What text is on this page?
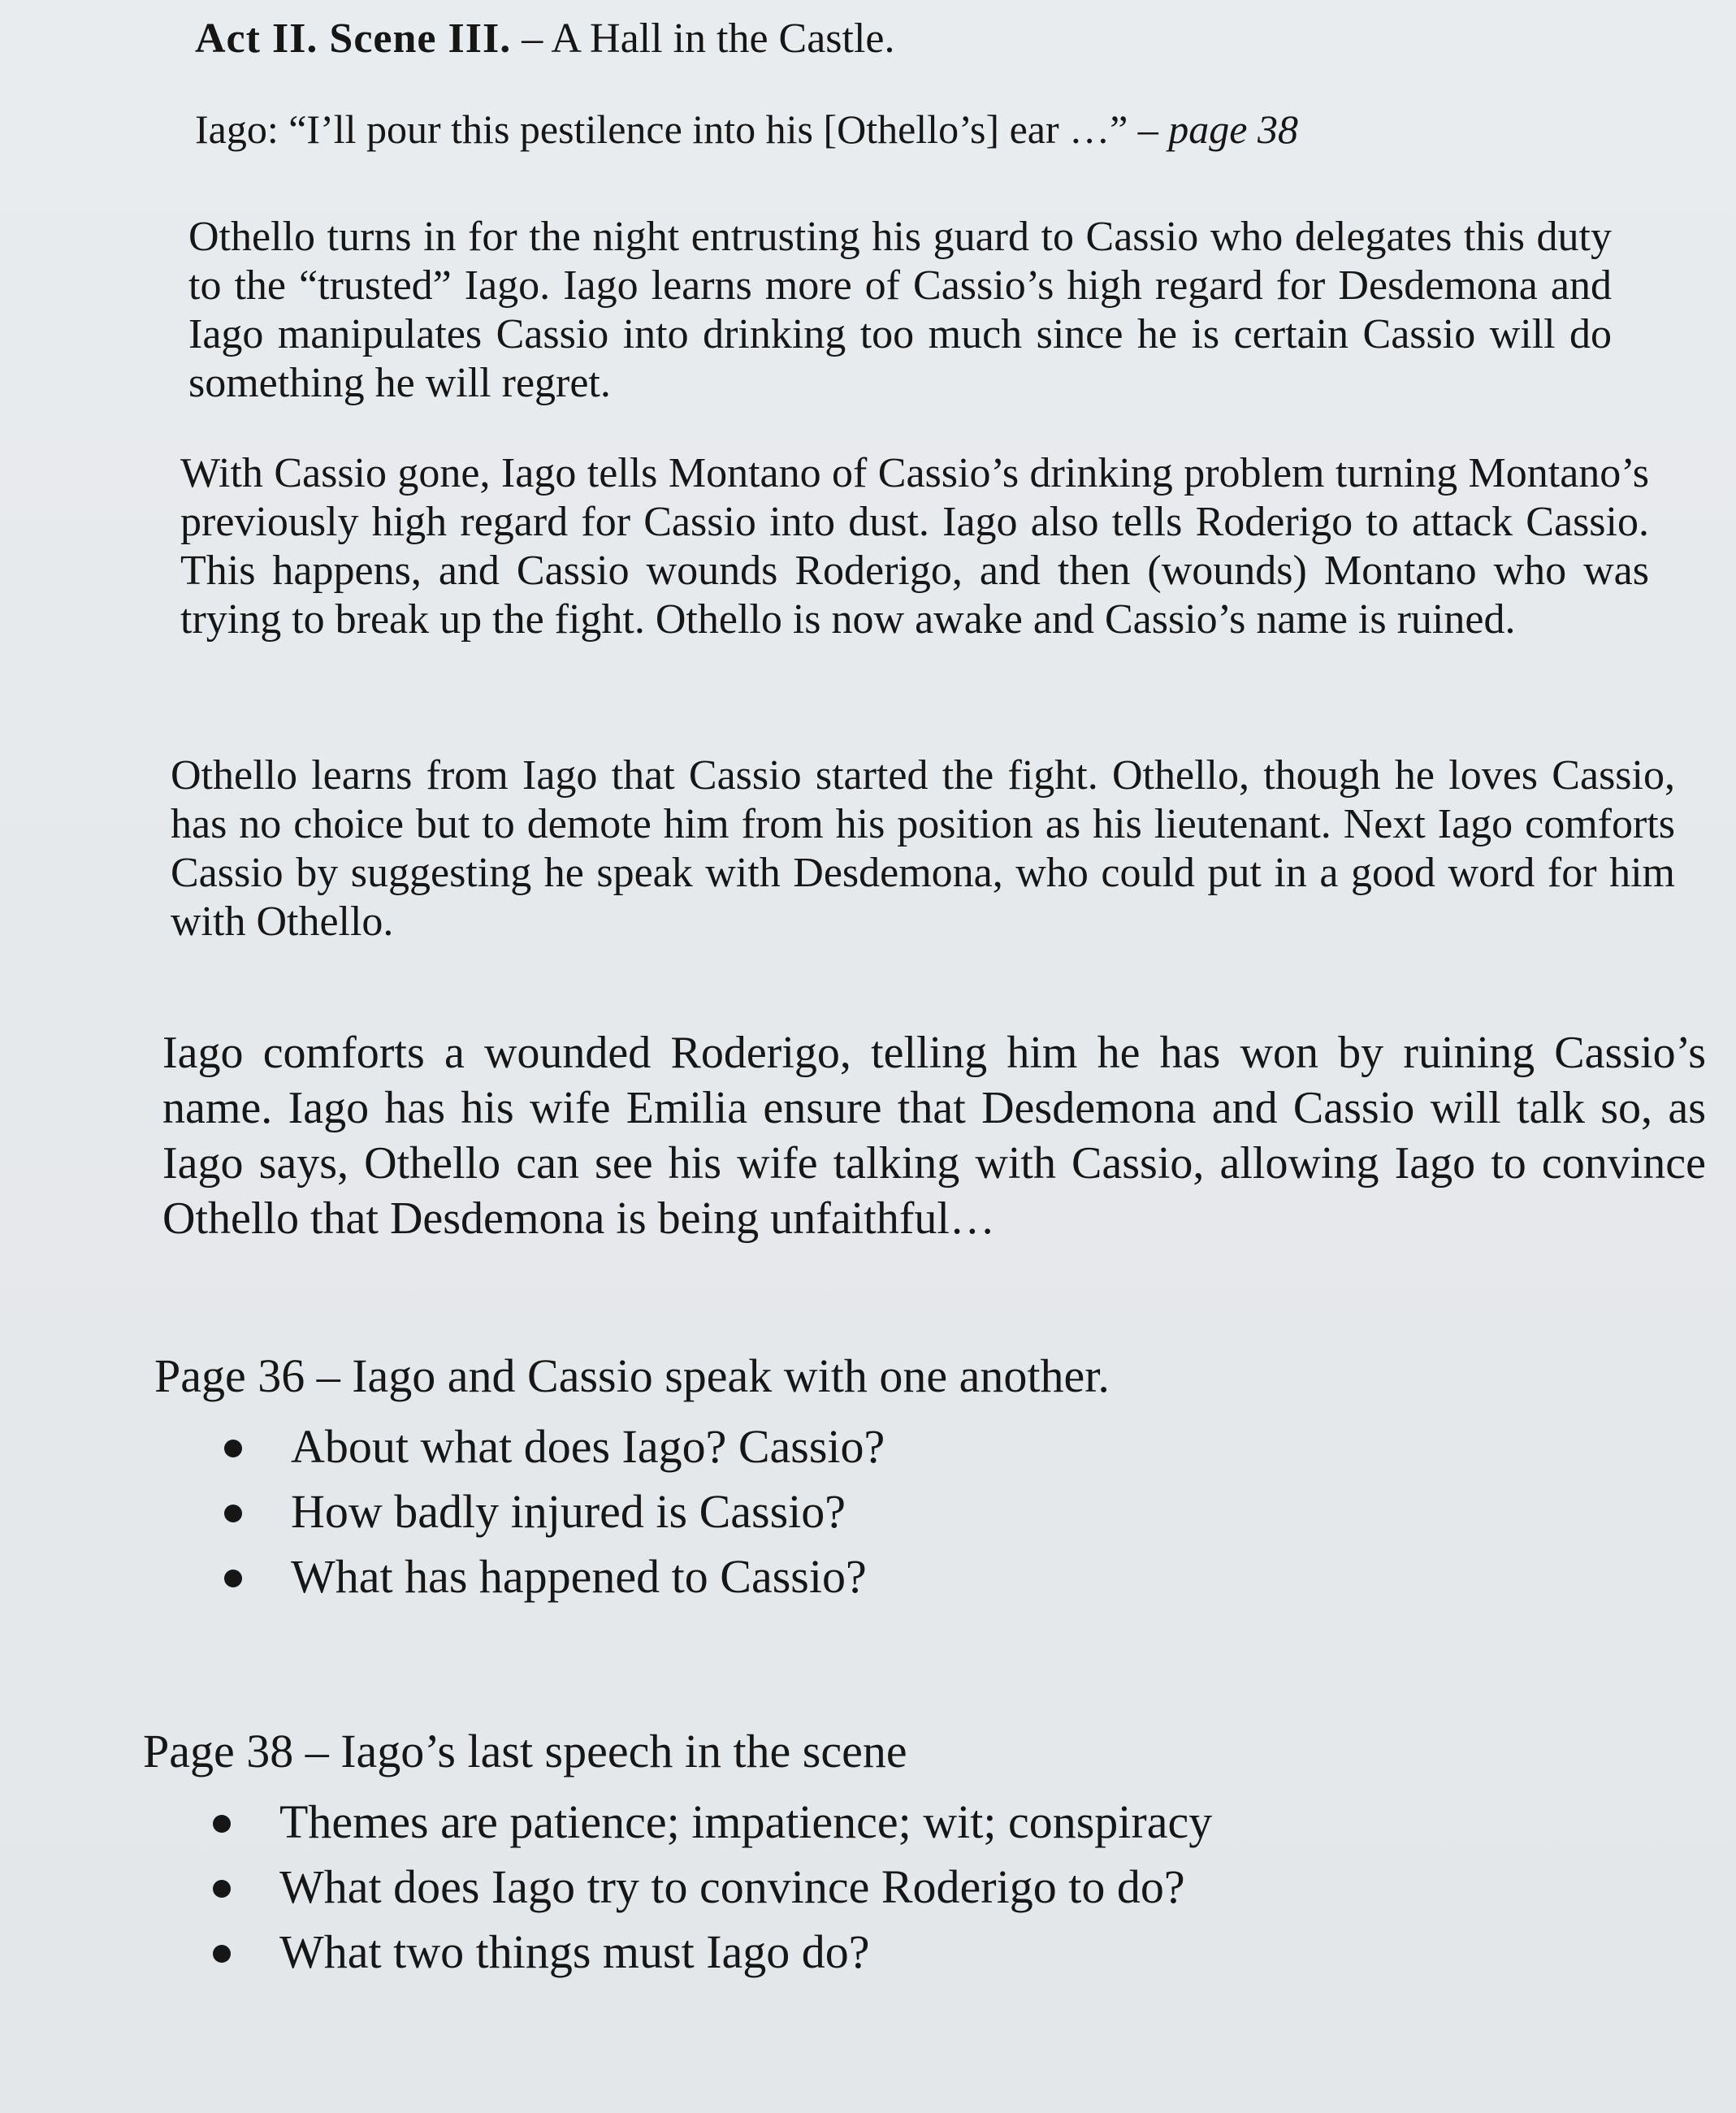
Act II. Scene III. – A Hall in the Castle.

Iago: “I’ll pour this pestilence into his [Othello’s] ear …” – page 38

Othello turns in for the night entrusting his guard to Cassio who delegates this duty to the “trusted” Iago. Iago learns more of Cassio’s high regard for Desdemona and Iago manipulates Cassio into drinking too much since he is certain Cassio will do something he will regret.

With Cassio gone, Iago tells Montano of Cassio’s drinking problem turning Montano’s previously high regard for Cassio into dust. Iago also tells Roderigo to attack Cassio. This happens, and Cassio wounds Roderigo, and then (wounds) Montano who was trying to break up the fight. Othello is now awake and Cassio’s name is ruined.

Othello learns from Iago that Cassio started the fight. Othello, though he loves Cassio, has no choice but to demote him from his position as his lieutenant. Next Iago comforts Cassio by suggesting he speak with Desdemona, who could put in a good word for him with Othello.

Iago comforts a wounded Roderigo, telling him he has won by ruining Cassio’s name. Iago has his wife Emilia ensure that Desdemona and Cassio will talk so, as Iago says, Othello can see his wife talking with Cassio, allowing Iago to convince Othello that Desdemona is being unfaithful…

Page 36 – Iago and Cassio speak with one another.
About what does Iago? Cassio?
How badly injured is Cassio?
What has happened to Cassio?
Page 38 – Iago’s last speech in the scene
Themes are patience; impatience; wit; conspiracy
What does Iago try to convince Roderigo to do?
What two things must Iago do?
